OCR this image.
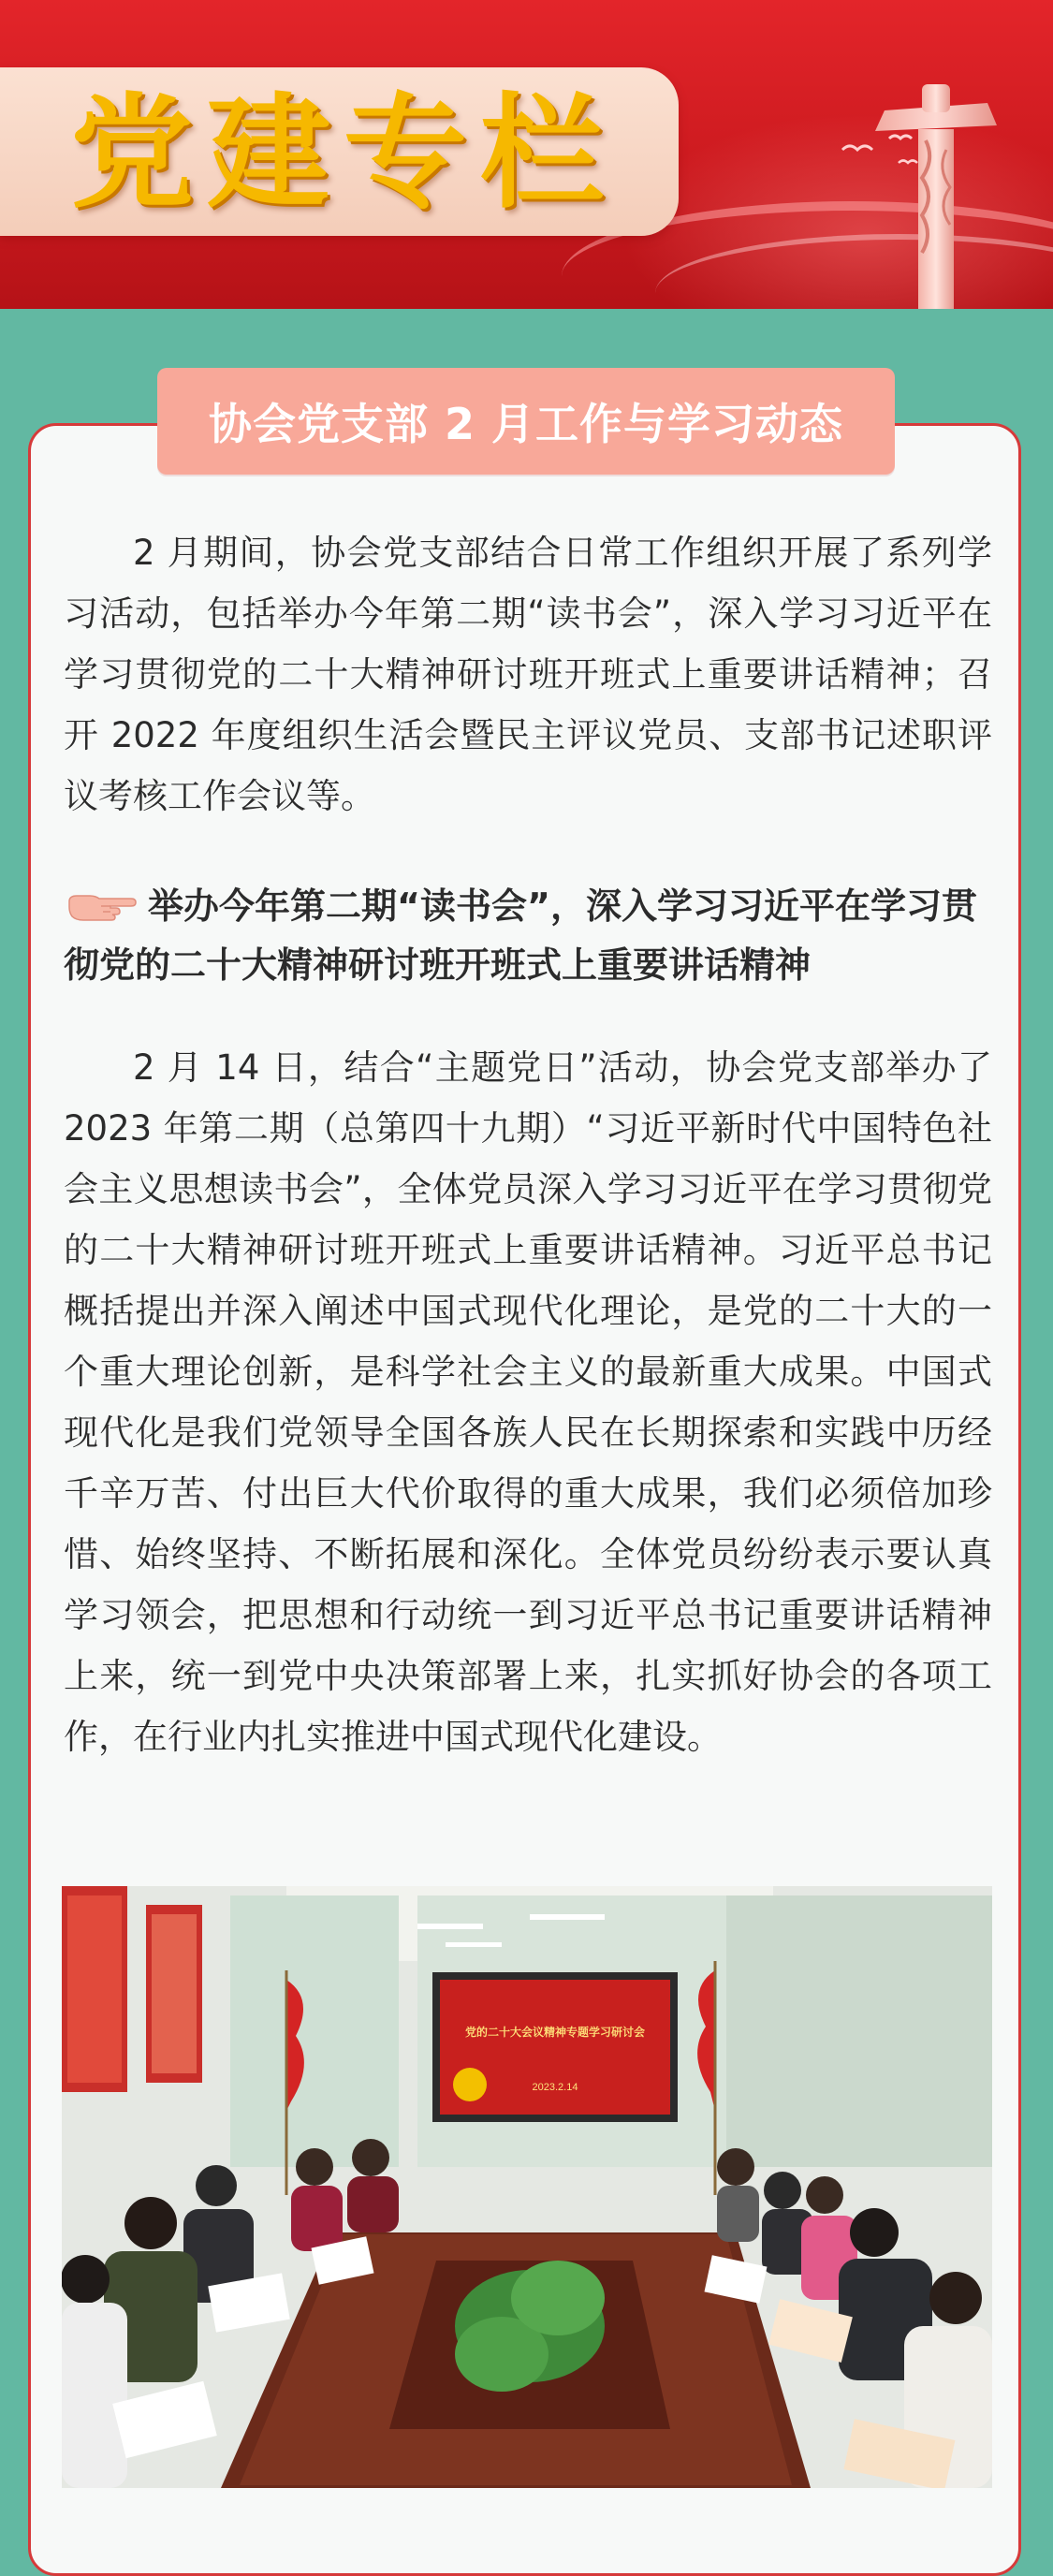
党建专栏
协会党支部 2 月工作与学习动态

2 月期间，协会党支部结合日常工作组织开展了系列学习活动，包括举办今年第二期“读书会”，深入学习习近平在学习贯彻党的二十大精神研讨班开班式上重要讲话精神；召开 2022 年度组织生活会暨民主评议党员、支部书记述职评议考核工作会议等。

举办今年第二期“读书会”，深入学习习近平在学习贯彻党的二十大精神研讨班开班式上重要讲话精神

2 月 14 日，结合“主题党日”活动，协会党支部举办了 2023 年第二期（总第四十九期）“习近平新时代中国特色社会主义思想读书会”，全体党员深入学习习近平在学习贯彻党的二十大精神研讨班开班式上重要讲话精神。习近平总书记概括提出并深入阐述中国式现代化理论，是党的二十大的一个重大理论创新，是科学社会主义的最新重大成果。中国式现代化是我们党领导全国各族人民在长期探索和实践中历经千辛万苦、付出巨大代价取得的重大成果，我们必须倍加珍惜、始终坚持、不断拓展和深化。全体党员纷纷表示要认真学习领会，把思想和行动统一到习近平总书记重要讲话精神上来，统一到党中央决策部署上来，扎实抓好协会的各项工作，在行业内扎实推进中国式现代化建设。

党的二十大会议精神专题学习研讨会
2023.2.14
